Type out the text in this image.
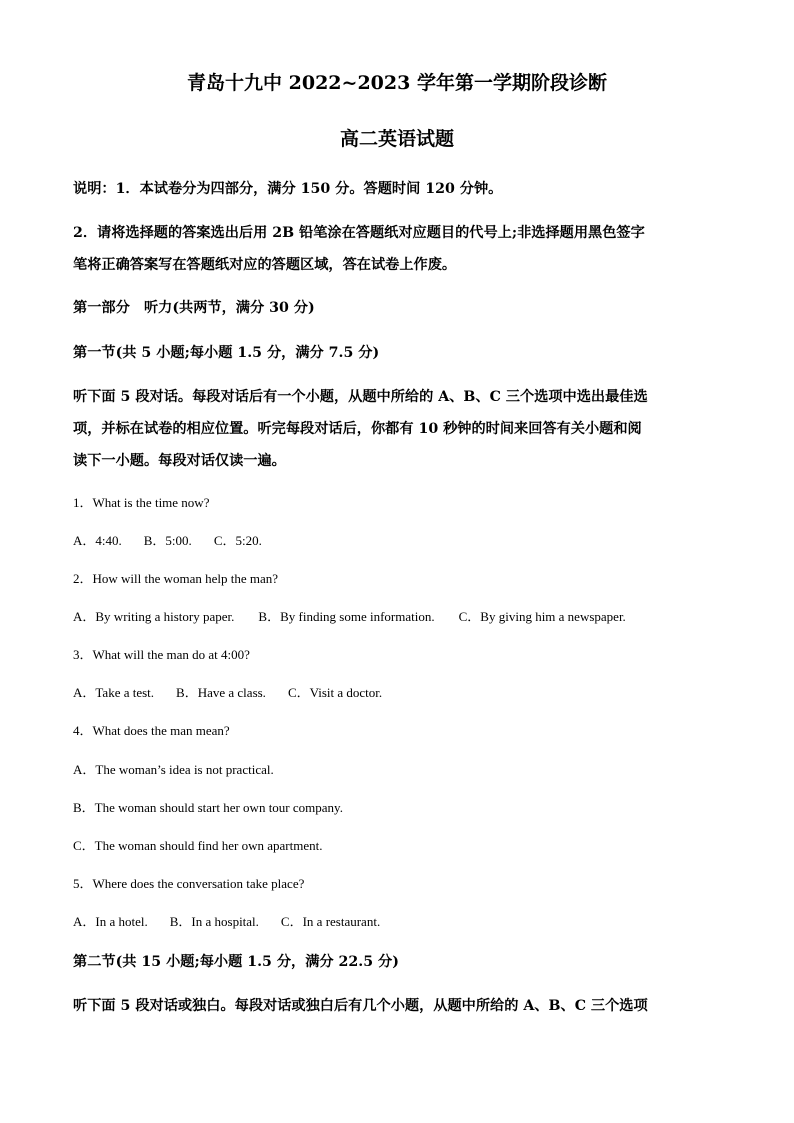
青岛十九中 2022~2023 学年第一学期阶段诊断
高二英语试题
说明：1．本试卷分为四部分，满分 150 分。答题时间 120 分钟。
2．请将选择题的答案选出后用 2B 铅笔涂在答题纸对应题目的代号上;非选择题用黑色签字
笔将正确答案写在答题纸对应的答题区域，答在试卷上作废。
第一部分　听力(共两节，满分 30 分)
第一节(共 5 小题;每小题 1.5 分，满分 7.5 分)
听下面 5 段对话。每段对话后有一个小题，从题中所给的 A、B、C 三个选项中选出最佳选
项，并标在试卷的相应位置。听完每段对话后，你都有 10 秒钟的时间来回答有关小题和阅
读下一小题。每段对话仅读一遍。
1．What is the time now?
A．4:40. B．5:00. C．5:20.
2．How will the woman help the man?
A．By writing a history paper. B．By finding some information. C．By giving him a newspaper.
3．What will the man do at 4:00?
A．Take a test. B．Have a class. C．Visit a doctor.
4．What does the man mean?
A．The woman’s idea is not practical.
B．The woman should start her own tour company.
C．The woman should find her own apartment.
5．Where does the conversation take place?
A．In a hotel. B．In a hospital. C．In a restaurant.
第二节(共 15 小题;每小题 1.5 分，满分 22.5 分)
听下面 5 段对话或独白。每段对话或独白后有几个小题，从题中所给的 A、B、C 三个选项
